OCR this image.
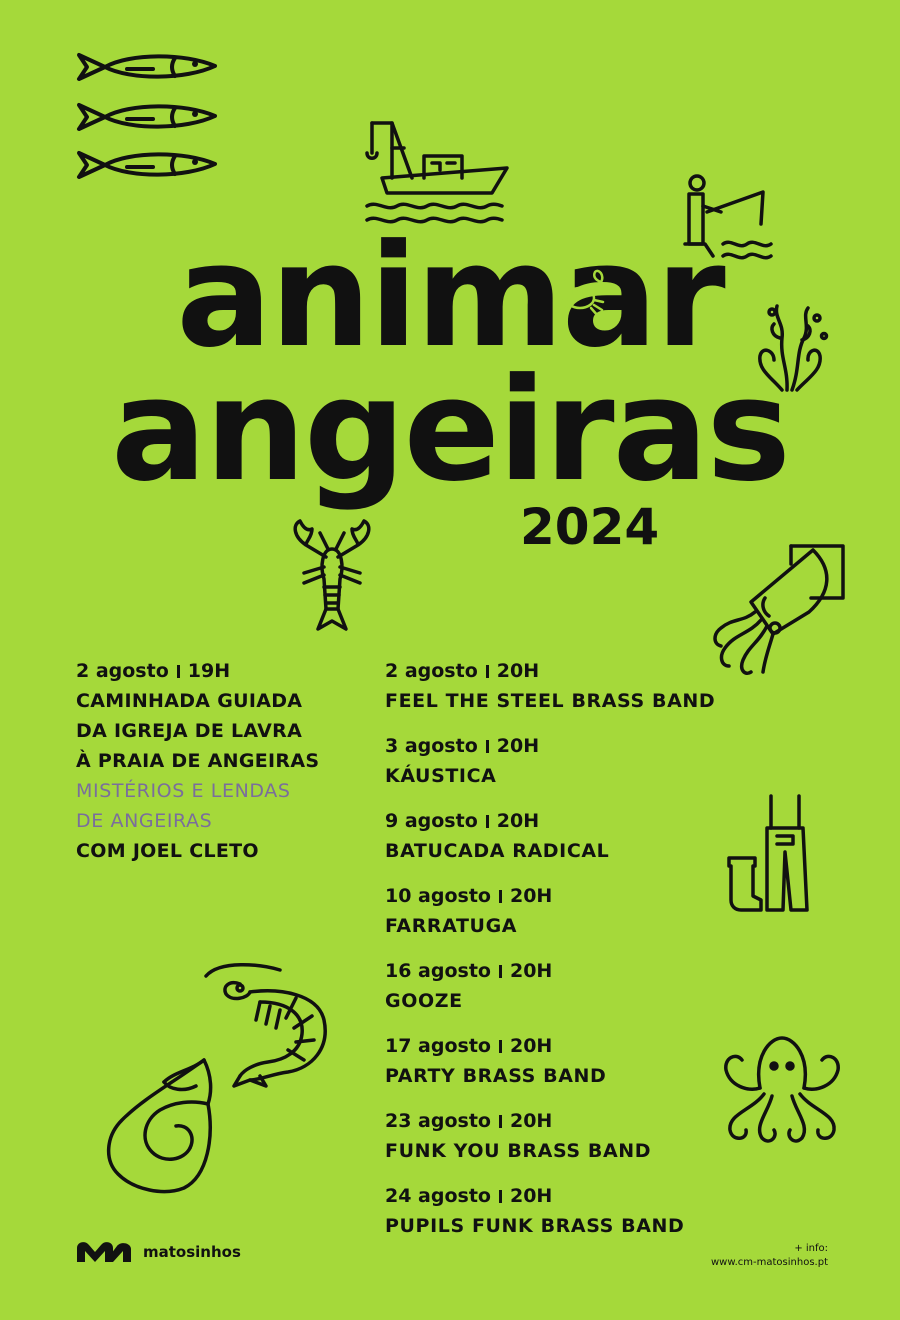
animar
angeiras
2024
2 agosto 19H
CAMINHADA GUIADA
DA IGREJA DE LAVRA
À PRAIA DE ANGEIRAS
MISTÉRIOS E LENDAS
DE ANGEIRAS
COM JOEL CLETO
2 agosto 20H
FEEL THE STEEL BRASS BAND
3 agosto 20H
KÁUSTICA
9 agosto 20H
BATUCADA RADICAL
10 agosto 20H
FARRATUGA
16 agosto 20H
GOOZE
17 agosto 20H
PARTY BRASS BAND
23 agosto 20H
FUNK YOU BRASS BAND
24 agosto 20H
PUPILS FUNK BRASS BAND
matosinhos	+ info:
www.cm-matosinhos.pt
